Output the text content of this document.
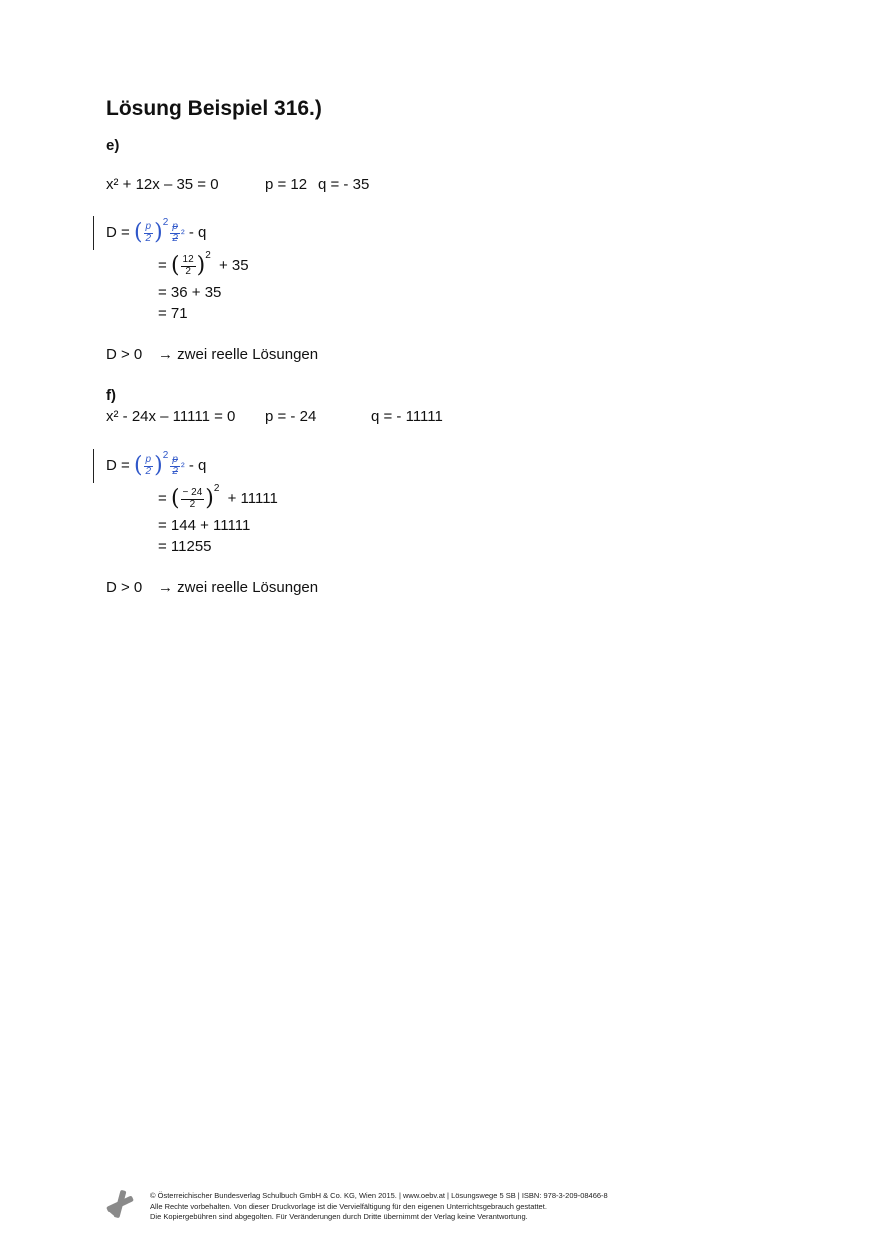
Lösung Beispiel 316.)
e)
x² + 12x – 35 = 0	p = 12 q = - 35
D = ( $\frac{p}{2} )^2 \frac{p}{2} ^2$ - q
= ( $\frac{12}{2} )^2 + 35$
= 36 + 35
= 71
D > 0 → zwei reelle Lösungen
f)
x² - 24x – 11111 = 0 p = - 24	q = - 11111
D = ( $\frac{p}{2} )^2 \frac{p}{2} ^2$ - q
= ( $\frac{- 24}{2} )^2 + 11111$
= 144 + 11111
= 11255
D > 0 → zwei reelle Lösungen
© Österreichischer Bundesverlag Schulbuch GmbH & Co. KG, Wien 2015. | www.oebv.at | Lösungswege 5 SB | ISBN: 978-3-209-08466-8
Alle Rechte vorbehalten. Von dieser Druckvorlage ist die Vervielfältigung für den eigenen Unterrichtsgebrauch gestattet.
Die Kopiergebühren sind abgegolten. Für Veränderungen durch Dritte übernimmt der Verlag keine Verantwortung.
